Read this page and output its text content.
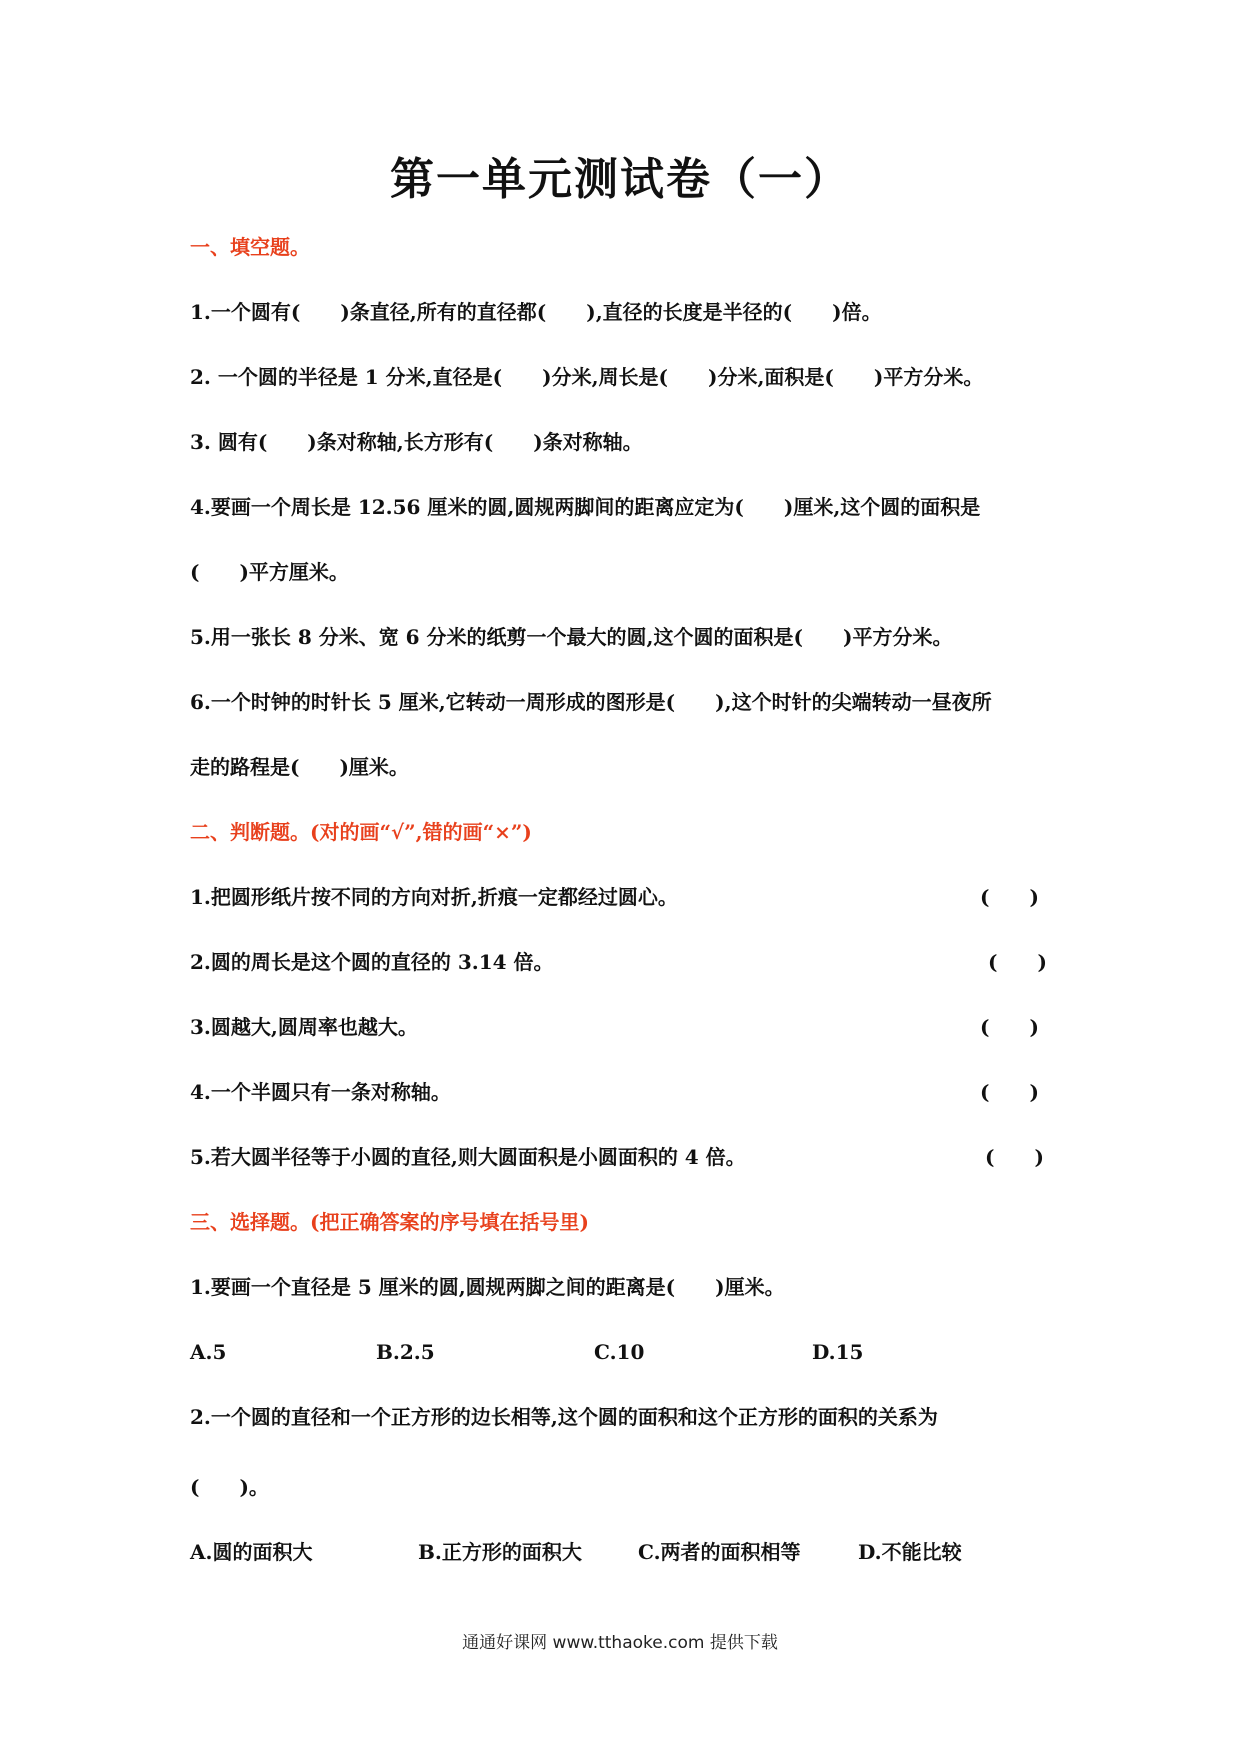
第一单元测试卷（一）
一、填空题。
1.一个圆有(　　)条直径,所有的直径都(　　),直径的长度是半径的(　　)倍。
2. 一个圆的半径是 1 分米,直径是(　　)分米,周长是(　　)分米,面积是(　　)平方分米。
3. 圆有(　　)条对称轴,长方形有(　　)条对称轴。
4.要画一个周长是 12.56 厘米的圆,圆规两脚间的距离应定为(　　)厘米,这个圆的面积是
(　　)平方厘米。
5.用一张长 8 分米、宽 6 分米的纸剪一个最大的圆,这个圆的面积是(　　)平方分米。
6.一个时钟的时针长 5 厘米,它转动一周形成的图形是(　　),这个时针的尖端转动一昼夜所
走的路程是(　　)厘米。
二、判断题。(对的画“√”,错的画“×”)
1.把圆形纸片按不同的方向对折,折痕一定都经过圆心。	(　　)
2.圆的周长是这个圆的直径的 3.14 倍。	(　　)
3.圆越大,圆周率也越大。	(　　)
4.一个半圆只有一条对称轴。	(　　)
5.若大圆半径等于小圆的直径,则大圆面积是小圆面积的 4 倍。	(　　)
三、选择题。(把正确答案的序号填在括号里)
1.要画一个直径是 5 厘米的圆,圆规两脚之间的距离是(　　)厘米。
A.5	B.2.5	C.10	D.15
2.一个圆的直径和一个正方形的边长相等,这个圆的面积和这个正方形的面积的关系为
(　　)。
A.圆的面积大	B.正方形的面积大	C.两者的面积相等	D.不能比较
通通好课网 www.tthaoke.com 提供下载
